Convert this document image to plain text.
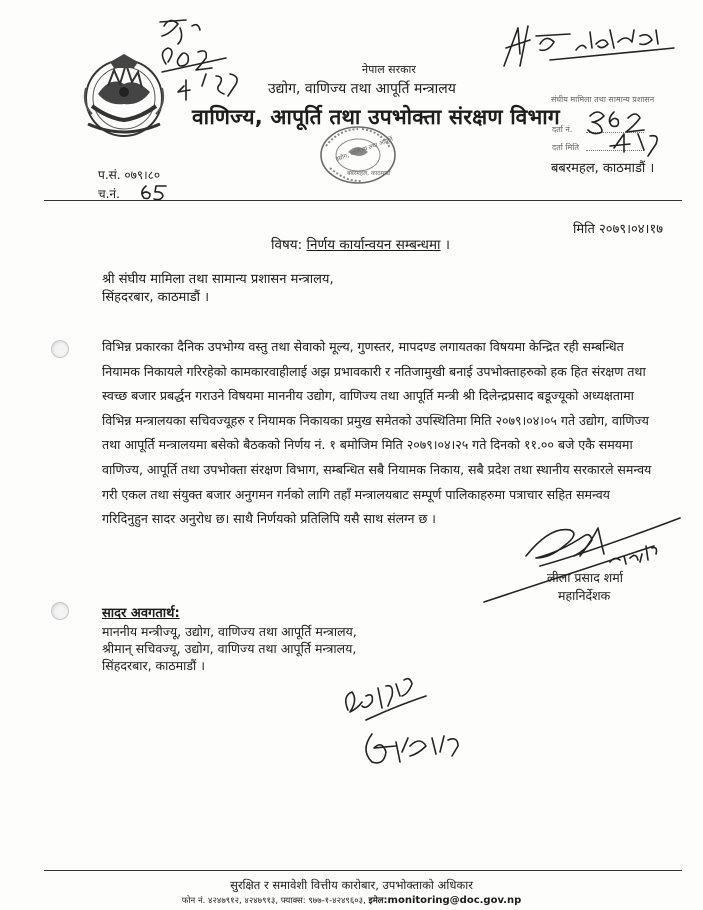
नेपाल सरकार
उद्योग, वाणिज्य तथा आपूर्ति मन्त्रालय
वाणिज्य, आपूर्ति तथा उपभोक्ता संरक्षण विभाग
बबरमहल, काठमाडौं ।
प.सं. ०७९।८०
च.नं.
उद्योग, वाणिज्य तथा आपूर्ति
बबरमहल, काठमाडौं
संघीय मामिला तथा सामान्य प्रशासन
दर्ता नं.
दर्ता मिति
मिति २०७९।०४।१७
विषय: निर्णय कार्यान्वयन सम्बन्धमा ।
श्री संघीय मामिला तथा सामान्य प्रशासन मन्त्रालय,
सिंहदरबार, काठमाडौं ।
विभिन्न प्रकारका दैनिक उपभोग्य वस्तु तथा सेवाको मूल्य, गुणस्तर, मापदण्ड लगायतका विषयमा केन्द्रित रही सम्बन्धित
नियामक निकायले गरिरहेको कामकारवाहीलाई अझ प्रभावकारी र नतिजामुखी बनाई उपभोक्ताहरुको हक हित संरक्षण तथा
स्वच्छ बजार प्रबर्द्धन गराउने विषयमा माननीय उद्योग, वाणिज्य तथा आपूर्ति मन्त्री श्री दिलेन्द्रप्रसाद बडूज्यूको अध्यक्षतामा
विभिन्न मन्त्रालयका सचिवज्यूहरु र नियामक निकायका प्रमुख समेतको उपस्थितिमा मिति २०७९।०४।०५ गते उद्योग, वाणिज्य
तथा आपूर्ति मन्त्रालयमा बसेको बैठकको निर्णय नं. १ बमोजिम मिति २०७९।०४।२५ गते दिनको ११.०० बजे एकै समयमा
वाणिज्य, आपूर्ति तथा उपभोक्ता संरक्षण विभाग, सम्बन्धित सबै नियामक निकाय, सबै प्रदेश तथा स्थानीय सरकारले समन्वय
गरी एकल तथा संयुक्त बजार अनुगमन गर्नको लागि तहाँ मन्त्रालयबाट सम्पूर्ण पालिकाहरुमा पत्राचार सहित समन्वय
गरिदिनुहुन सादर अनुरोध छ। साथै निर्णयको प्रतिलिपि यसै साथ संलग्न छ ।
लीला प्रसाद शर्मा
महानिर्देशक
सादर अवगतार्थ:
माननीय मन्त्रीज्यू, उद्योग, वाणिज्य तथा आपूर्ति मन्त्रालय,
श्रीमान् सचिवज्यू, उद्योग, वाणिज्य तथा आपूर्ति मन्त्रालय,
सिंहदरबार, काठमाडौं ।
सुरक्षित र समावेशी वित्तीय कारोबार, उपभोक्ताको अधिकार
फोन नं. ४२४७९१२, ४२४७९१३, फ्याक्स: ९७७-१-४२४९६०३, इमेल:monitoring@doc.gov.np
